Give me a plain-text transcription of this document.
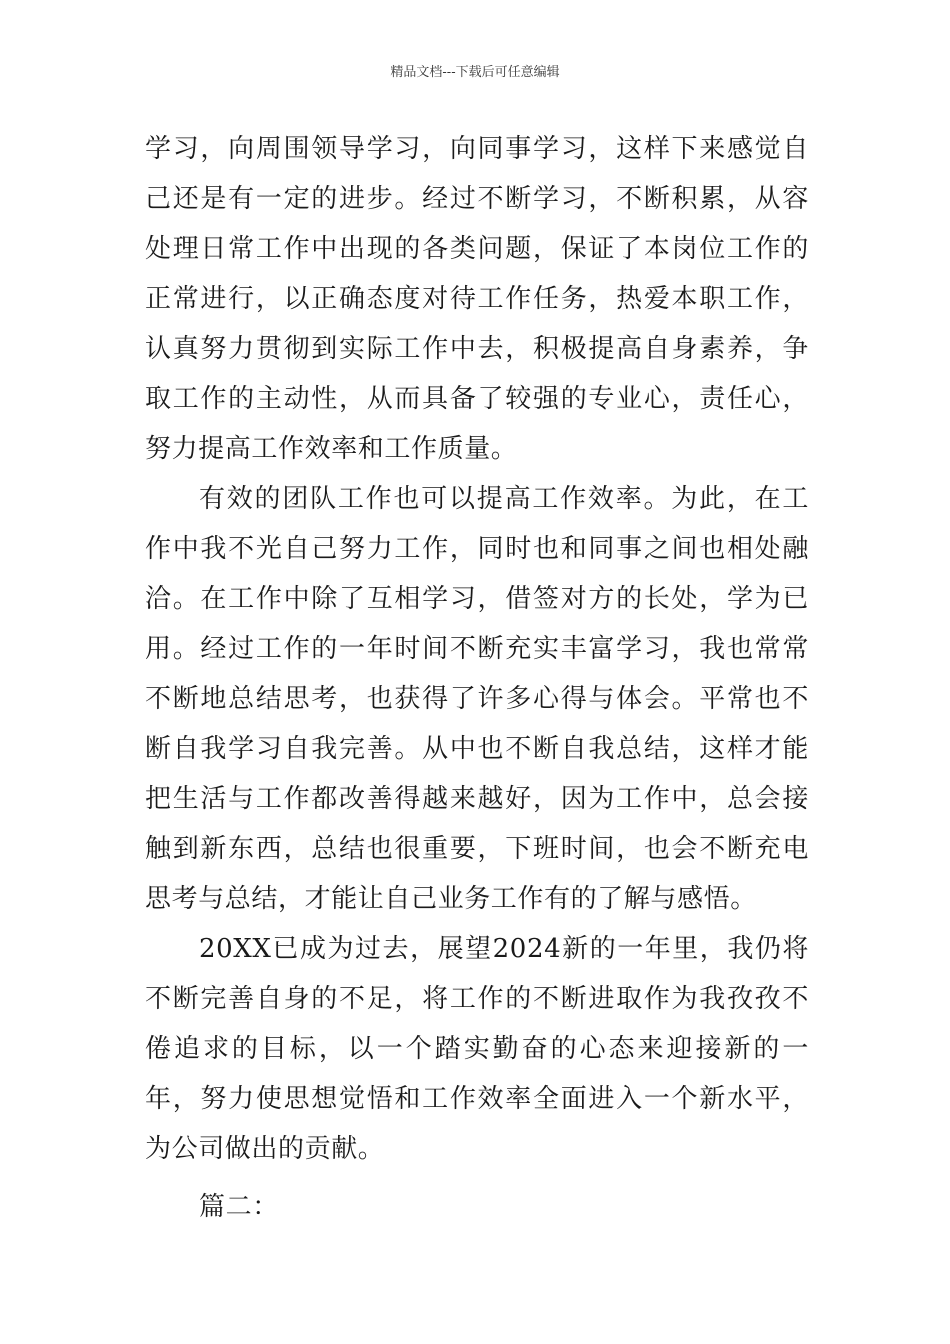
精品文档---下载后可任意编辑

学习，向周围领导学习，向同事学习，这样下来感觉自己还是有一定的进步。经过不断学习，不断积累，从容处理日常工作中出现的各类问题，保证了本岗位工作的正常进行，以正确态度对待工作任务，热爱本职工作，认真努力贯彻到实际工作中去，积极提高自身素养，争取工作的主动性，从而具备了较强的专业心，责任心，努力提高工作效率和工作质量。

有效的团队工作也可以提高工作效率。为此，在工作中我不光自己努力工作，同时也和同事之间也相处融洽。在工作中除了互相学习，借签对方的长处，学为已用。经过工作的一年时间不断充实丰富学习，我也常常不断地总结思考，也获得了许多心得与体会。平常也不断自我学习自我完善。从中也不断自我总结，这样才能把生活与工作都改善得越来越好，因为工作中，总会接触到新东西，总结也很重要，下班时间，也会不断充电思考与总结，才能让自己业务工作有的了解与感悟。

20XX已成为过去，展望2024新的一年里，我仍将不断完善自身的不足，将工作的不断进取作为我孜孜不倦追求的目标，以一个踏实勤奋的心态来迎接新的一年，努力使思想觉悟和工作效率全面进入一个新水平，为公司做出的贡献。

篇二：
